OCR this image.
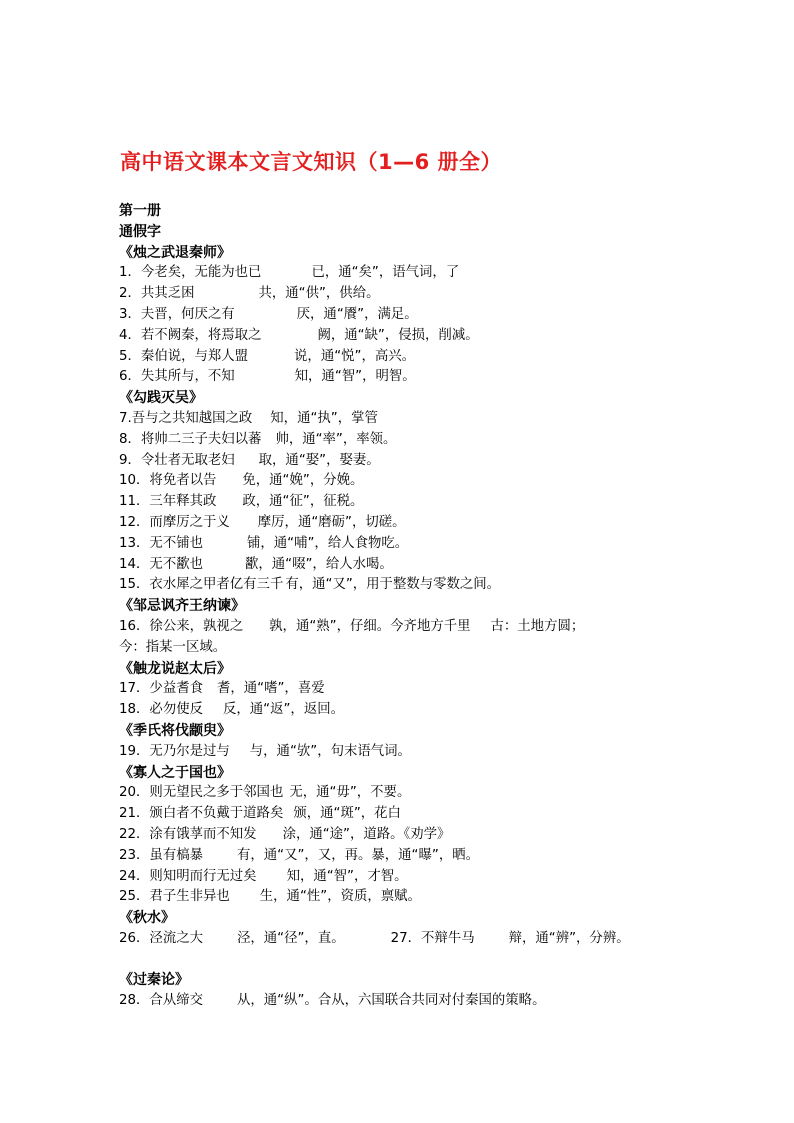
高中语文课本文言文知识（1—6 册全）
第一册
通假字
《烛之武退秦师》
1．今老矣，无能为也已	已，通“矣”，语气词，了
2．共其乏困	共，通“供”，供给。
3．夫晋，何厌之有	厌，通“餍”，满足。
4．若不阙秦，将焉取之	阙，通“缺”，侵损，削减。
5．秦伯说，与郑人盟	说，通“悦”，高兴。
6．失其所与，不知	知，通“智”，明智。
《勾践灭吴》
7.吾与之共知越国之政 知，通“执”，掌管
8．将帅二三子夫妇以蕃 帅，通“率”，率领。
9．令壮者无取老妇 取，通“娶”，娶妻。
10．将免者以告 免，通“娩”，分娩。
11．三年释其政 政，通“征”，征税。
12．而摩厉之于义 摩厉，通“磨砺”，切磋。
13．无不铺也	铺，通“哺”，给人食物吃。
14．无不歠也	歠，通“啜”，给人水喝。
15．衣水犀之甲者亿有三千 有，通“又”，用于整数与零数之间。
《邹忌讽齐王纳谏》
16．徐公来，孰视之 孰，通“熟”，仔细。今齐地方千里 古：土地方圆；
今：指某一区域。
《触龙说赵太后》
17．少益耆食 耆，通“嗜”，喜爱
18．必勿使反 反，通“返”，返回。
《季氏将伐颛臾》
19．无乃尔是过与 与，通“欤”，句末语气词。
《寡人之于国也》
20．则无望民之多于邻国也 无，通“毋”，不要。
21．颁白者不负戴于道路矣 颁，通“斑”，花白
22．涂有饿莩而不知发 涂，通“途”，道路。《劝学》
23．虽有槁暴	有，通“又”，又，再。暴，通“曝”，晒。
24．则知明而行无过矣 知，通“智”，才智。
25．君子生非异也 生，通“性”，资质，禀赋。
《秋水》
26．泾流之大	泾，通“径”，直。	27．不辩牛马	辩，通“辨”，分辨。
《过秦论》
28．合从缔交	从，通“纵”。合从，六国联合共同对付秦国的策略。
